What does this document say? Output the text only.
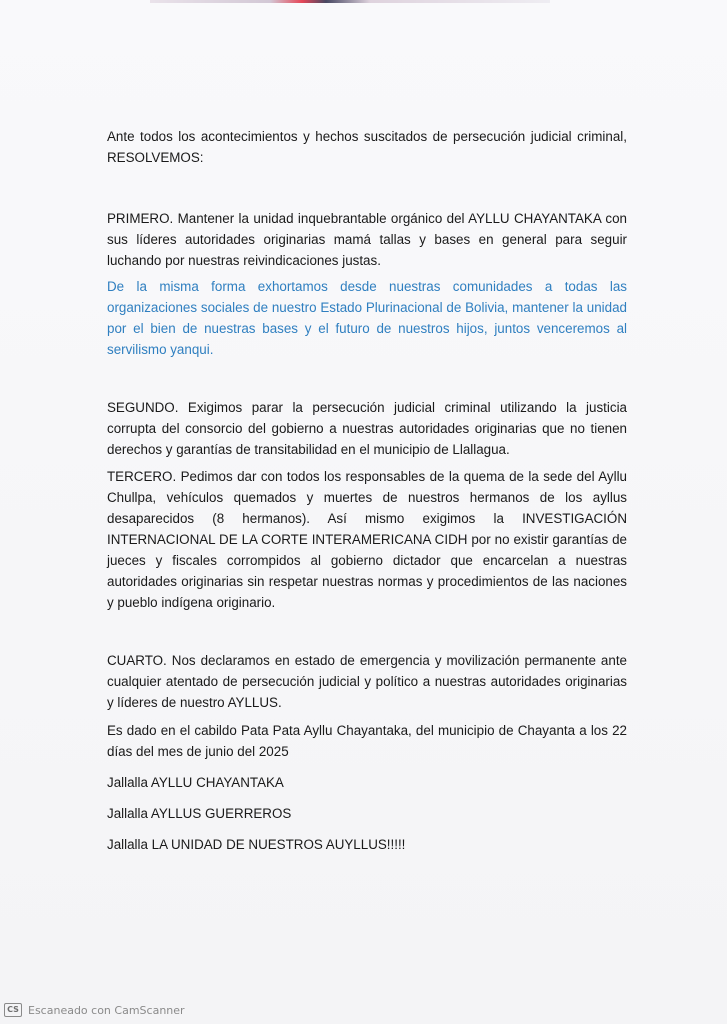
Ante todos los acontecimientos y hechos suscitados de persecución judicial criminal, RESOLVEMOS:

PRIMERO. Mantener la unidad inquebrantable orgánico del AYLLU CHAYANTAKA con sus líderes autoridades originarias mamá tallas y bases en general para seguir luchando por nuestras reivindicaciones justas.

De la misma forma exhortamos desde nuestras comunidades a todas las organizaciones sociales de nuestro Estado Plurinacional de Bolivia, mantener la unidad por el bien de nuestras bases y el futuro de nuestros hijos, juntos venceremos al servilismo yanqui.

SEGUNDO. Exigimos parar la persecución judicial criminal utilizando la justicia corrupta del consorcio del gobierno a nuestras autoridades originarias que no tienen derechos y garantías de transitabilidad en el municipio de Llallagua.

TERCERO. Pedimos dar con todos los responsables de la quema de la sede del Ayllu Chullpa, vehículos quemados y muertes de nuestros hermanos de los ayllus desaparecidos (8 hermanos). Así mismo exigimos la INVESTIGACIÓN INTERNACIONAL DE LA CORTE INTERAMERICANA CIDH por no existir garantías de jueces y fiscales corrompidos al gobierno dictador que encarcelan a nuestras autoridades originarias sin respetar nuestras normas y procedimientos de las naciones y pueblo indígena originario.

CUARTO. Nos declaramos en estado de emergencia y movilización permanente ante cualquier atentado de persecución judicial y político a nuestras autoridades originarias y líderes de nuestro AYLLUS.

Es dado en el cabildo Pata Pata Ayllu Chayantaka, del municipio de Chayanta a los 22 días del mes de junio del 2025

Jallalla AYLLU CHAYANTAKA

Jallalla AYLLUS GUERREROS

Jallalla LA UNIDAD DE NUESTROS AUYLLUS!!!!!

CS Escaneado con CamScanner
